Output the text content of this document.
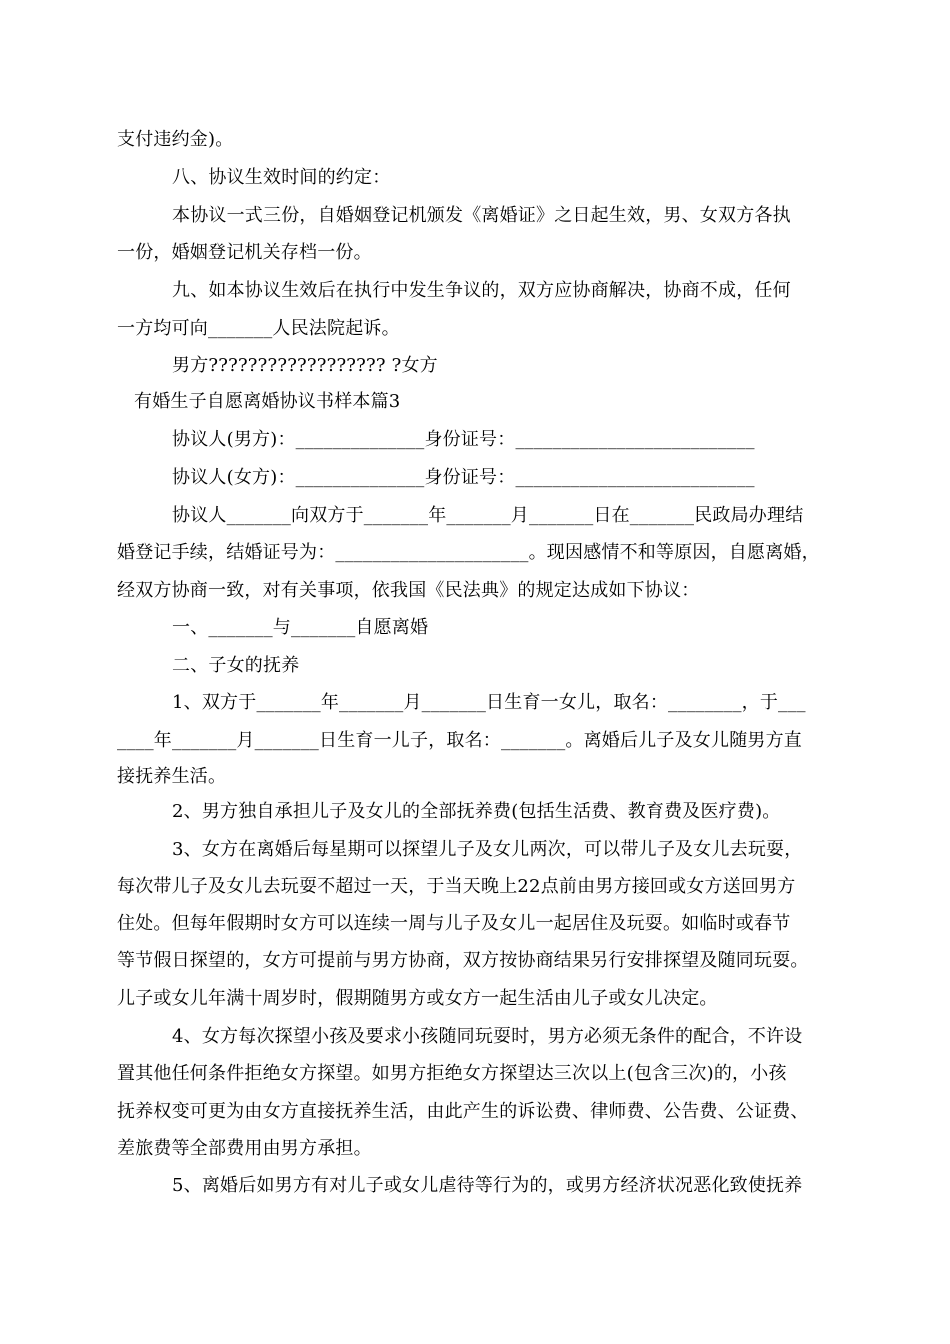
支付违约金)。
八、协议生效时间的约定：
本协议一式三份，自婚姻登记机颁发《离婚证》之日起生效，男、女双方各执
一份，婚姻登记机关存档一份。
九、如本协议生效后在执行中发生争议的，双方应协商解决，协商不成，任何
一方均可向_______人民法院起诉。
男方?????????????????? ?女方
有婚生子自愿离婚协议书样本篇3
协议人(男方)：______________身份证号：__________________________
协议人(女方)：______________身份证号：__________________________
协议人_______向双方于_______年_______月_______日在_______民政局办理结
婚登记手续，结婚证号为：_____________________。现因感情不和等原因，自愿离婚，
经双方协商一致，对有关事项，依我国《民法典》的规定达成如下协议：
一、_______与_______自愿离婚
二、子女的抚养
1、双方于_______年_______月_______日生育一女儿，取名：________，于___
____年_______月_______日生育一儿子，取名：_______。离婚后儿子及女儿随男方直
接抚养生活。
2、男方独自承担儿子及女儿的全部抚养费(包括生活费、教育费及医疗费)。
3、女方在离婚后每星期可以探望儿子及女儿两次，可以带儿子及女儿去玩耍，
每次带儿子及女儿去玩耍不超过一天，于当天晚上22点前由男方接回或女方送回男方
住处。但每年假期时女方可以连续一周与儿子及女儿一起居住及玩耍。如临时或春节
等节假日探望的，女方可提前与男方协商，双方按协商结果另行安排探望及随同玩耍。
儿子或女儿年满十周岁时，假期随男方或女方一起生活由儿子或女儿决定。
4、女方每次探望小孩及要求小孩随同玩耍时，男方必须无条件的配合，不许设
置其他任何条件拒绝女方探望。如男方拒绝女方探望达三次以上(包含三次)的，小孩
抚养权变可更为由女方直接抚养生活，由此产生的诉讼费、律师费、公告费、公证费、
差旅费等全部费用由男方承担。
5、离婚后如男方有对儿子或女儿虐待等行为的，或男方经济状况恶化致使抚养
